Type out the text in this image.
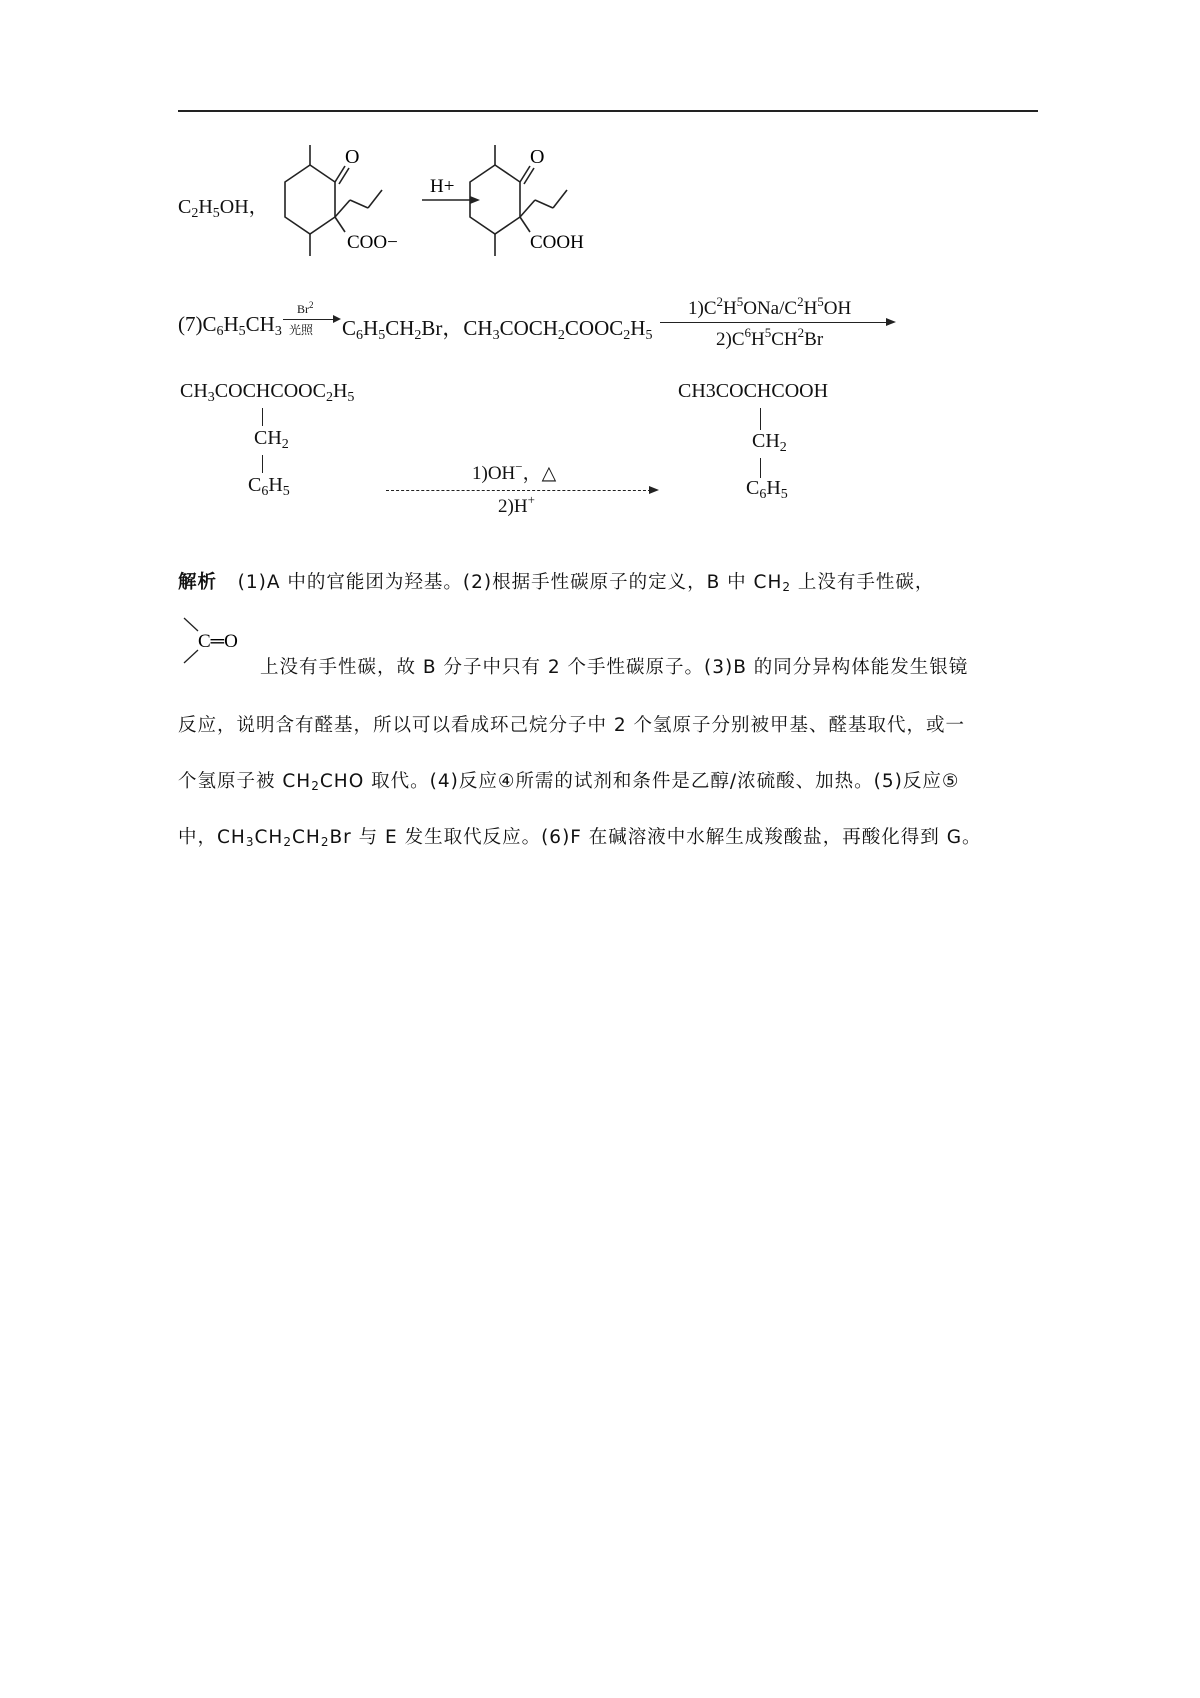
$C_2H_5OH$，
O
COO−
H+
O
COOH
$(7)C_6H_5CH_3$
Br$^2$
光照 $C_6H_5CH_2Br$，$CH_3COCH_2COOC_2H_5$
$1)C^2H^5ONa/C^2H^5OH$
$2)C^6H^5CH^2Br$
$CH_3COCHCOOC_2H_5$
$CH_2$
$C_6H_5$
1)OH−，△
2)H+
CH3COCHCOOH
$CH_2$
$C_6H_5$
解析   (1)A 中的官能团为羟基。(2)根据手性碳原子的定义，B 中 $CH_2$ 上没有手性碳，
C═O
上没有手性碳，故 B 分子中只有 2 个手性碳原子。(3)B 的同分异构体能发生银镜
反应，说明含有醛基，所以可以看成环己烷分子中 2 个氢原子分别被甲基、醛基取代，或一
个氢原子被 $CH_2CHO$ 取代。(4)反应④所需的试剂和条件是乙醇/浓硫酸、加热。(5)反应⑤
中，$CH_3CH_2CH_2Br$ 与 E 发生取代反应。(6)F 在碱溶液中水解生成羧酸盐，再酸化得到 G。
